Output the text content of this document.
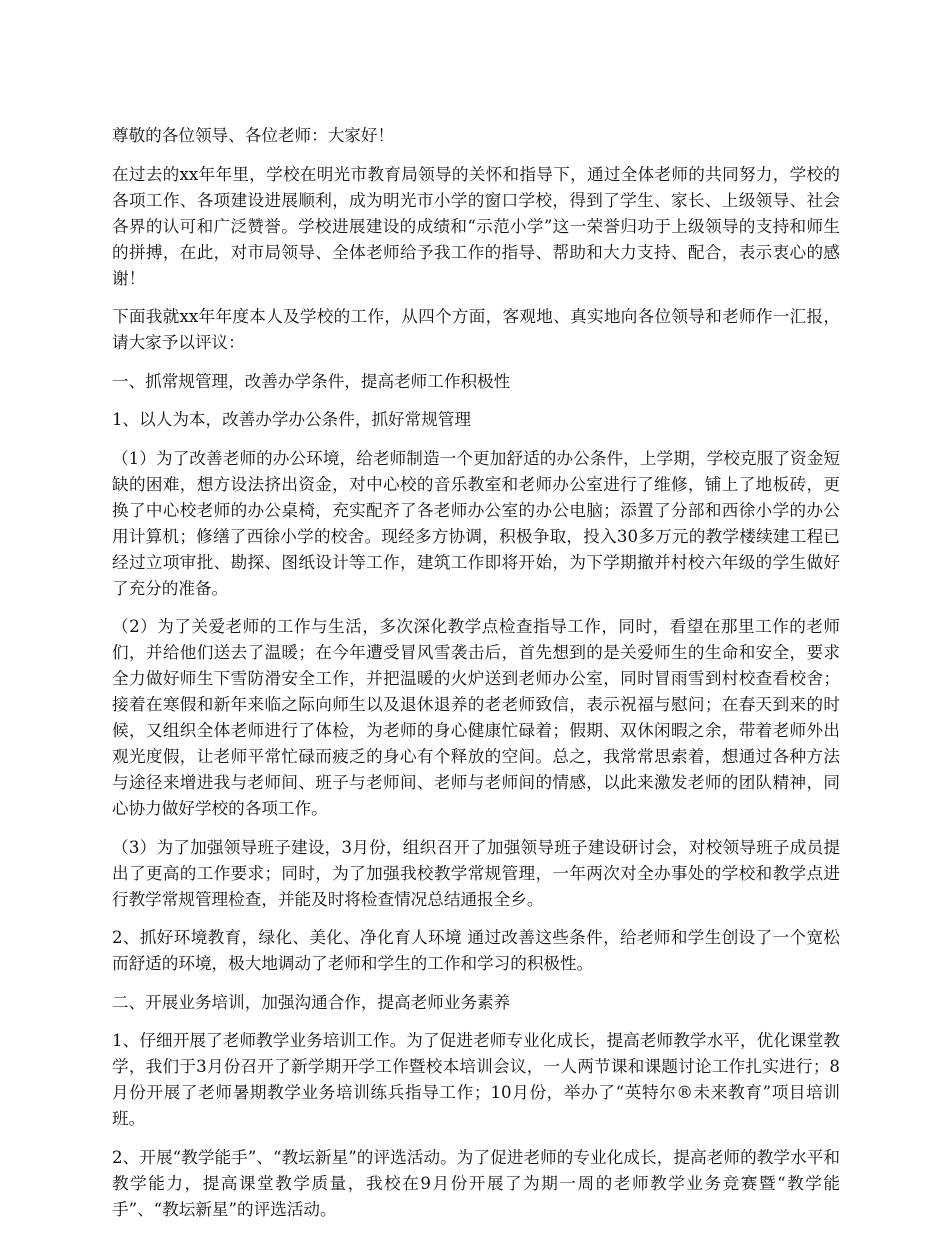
尊敬的各位领导、各位老师：大家好！

在过去的xx年年里，学校在明光市教育局领导的关怀和指导下，通过全体老师的共同努力，学校的各项工作、各项建设进展顺利，成为明光市小学的窗口学校，得到了学生、家长、上级领导、社会各界的认可和广泛赞誉。学校进展建设的成绩和“示范小学”这一荣誉归功于上级领导的支持和师生的拼搏，在此，对市局领导、全体老师给予我工作的指导、帮助和大力支持、配合，表示衷心的感谢！

下面我就xx年年度本人及学校的工作，从四个方面，客观地、真实地向各位领导和老师作一汇报，请大家予以评议：

一、抓常规管理，改善办学条件，提高老师工作积极性

1、以人为本，改善办学办公条件，抓好常规管理

（1）为了改善老师的办公环境，给老师制造一个更加舒适的办公条件，上学期，学校克服了资金短缺的困难，想方设法挤出资金，对中心校的音乐教室和老师办公室进行了维修，铺上了地板砖，更换了中心校老师的办公桌椅，充实配齐了各老师办公室的办公电脑；添置了分部和西徐小学的办公用计算机；修缮了西徐小学的校舍。现经多方协调，积极争取，投入30多万元的教学楼续建工程已经过立项审批、勘探、图纸设计等工作，建筑工作即将开始，为下学期撤并村校六年级的学生做好了充分的准备。

（2）为了关爱老师的工作与生活，多次深化教学点检查指导工作，同时，看望在那里工作的老师们，并给他们送去了温暖；在今年遭受冒风雪袭击后，首先想到的是关爱师生的生命和安全，要求全力做好师生下雪防滑安全工作，并把温暖的火炉送到老师办公室，同时冒雨雪到村校查看校舍；接着在寒假和新年来临之际向师生以及退休退养的老老师致信，表示祝福与慰问；在春天到来的时候，又组织全体老师进行了体检，为老师的身心健康忙碌着；假期、双休闲暇之余，带着老师外出观光度假，让老师平常忙碌而疲乏的身心有个释放的空间。总之，我常常思索着，想通过各种方法与途径来增进我与老师间、班子与老师间、老师与老师间的情感，以此来激发老师的团队精神，同心协力做好学校的各项工作。

（3）为了加强领导班子建设，3月份，组织召开了加强领导班子建设研讨会，对校领导班子成员提出了更高的工作要求；同时，为了加强我校教学常规管理，一年两次对全办事处的学校和教学点进行教学常规管理检查，并能及时将检查情况总结通报全乡。

2、抓好环境教育，绿化、美化、净化育人环境 通过改善这些条件，给老师和学生创设了一个宽松而舒适的环境，极大地调动了老师和学生的工作和学习的积极性。

二、开展业务培训，加强沟通合作，提高老师业务素养

1、仔细开展了老师教学业务培训工作。为了促进老师专业化成长，提高老师教学水平，优化课堂教学，我们于3月份召开了新学期开学工作暨校本培训会议，一人两节课和课题讨论工作扎实进行；8月份开展了老师暑期教学业务培训练兵指导工作；10月份，举办了“英特尔®未来教育”项目培训班。

2、开展“教学能手”、“教坛新星”的评选活动。为了促进老师的专业化成长，提高老师的教学水平和教学能力，提高课堂教学质量，我校在9月份开展了为期一周的老师教学业务竞赛暨“教学能手”、“教坛新星”的评选活动。
